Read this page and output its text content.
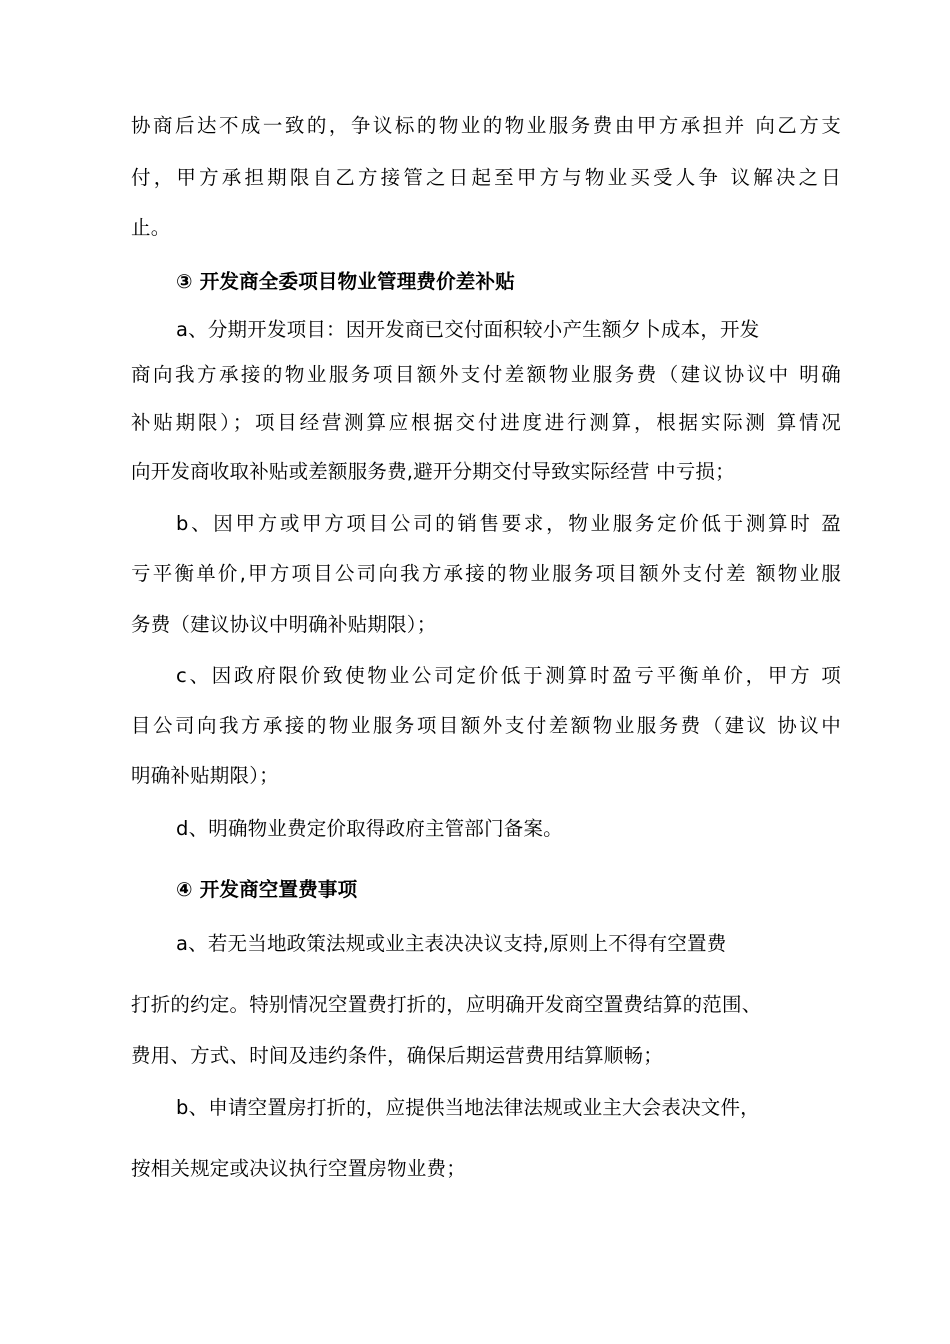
协商后达不成一致的，争议标的物业的物业服务费由甲方承担并 向乙方支
付，甲方承担期限自乙方接管之日起至甲方与物业买受人争 议解决之日
止。
③ 开发商全委项目物业管理费价差补贴
a、分期开发项目：因开发商已交付面积较小产生额夕卜成本，开发
商向我方承接的物业服务项目额外支付差额物业服务费（建议协议中 明确
补贴期限）；项目经营测算应根据交付进度进行测算，根据实际测 算情况
向开发商收取补贴或差额服务费,避开分期交付导致实际经营 中亏损；
b、因甲方或甲方项目公司的销售要求，物业服务定价低于测算时 盈
亏平衡单价,甲方项目公司向我方承接的物业服务项目额外支付差 额物业服
务费（建议协议中明确补贴期限）；
c、因政府限价致使物业公司定价低于测算时盈亏平衡单价，甲方 项
目公司向我方承接的物业服务项目额外支付差额物业服务费（建议 协议中
明确补贴期限）；
d、明确物业费定价取得政府主管部门备案。
④ 开发商空置费事项
a、若无当地政策法规或业主表决决议支持,原则上不得有空置费
打折的约定。特别情况空置费打折的，应明确开发商空置费结算的范围、
费用、方式、时间及违约条件，确保后期运营费用结算顺畅；
b、申请空置房打折的，应提供当地法律法规或业主大会表决文件，
按相关规定或决议执行空置房物业费；
